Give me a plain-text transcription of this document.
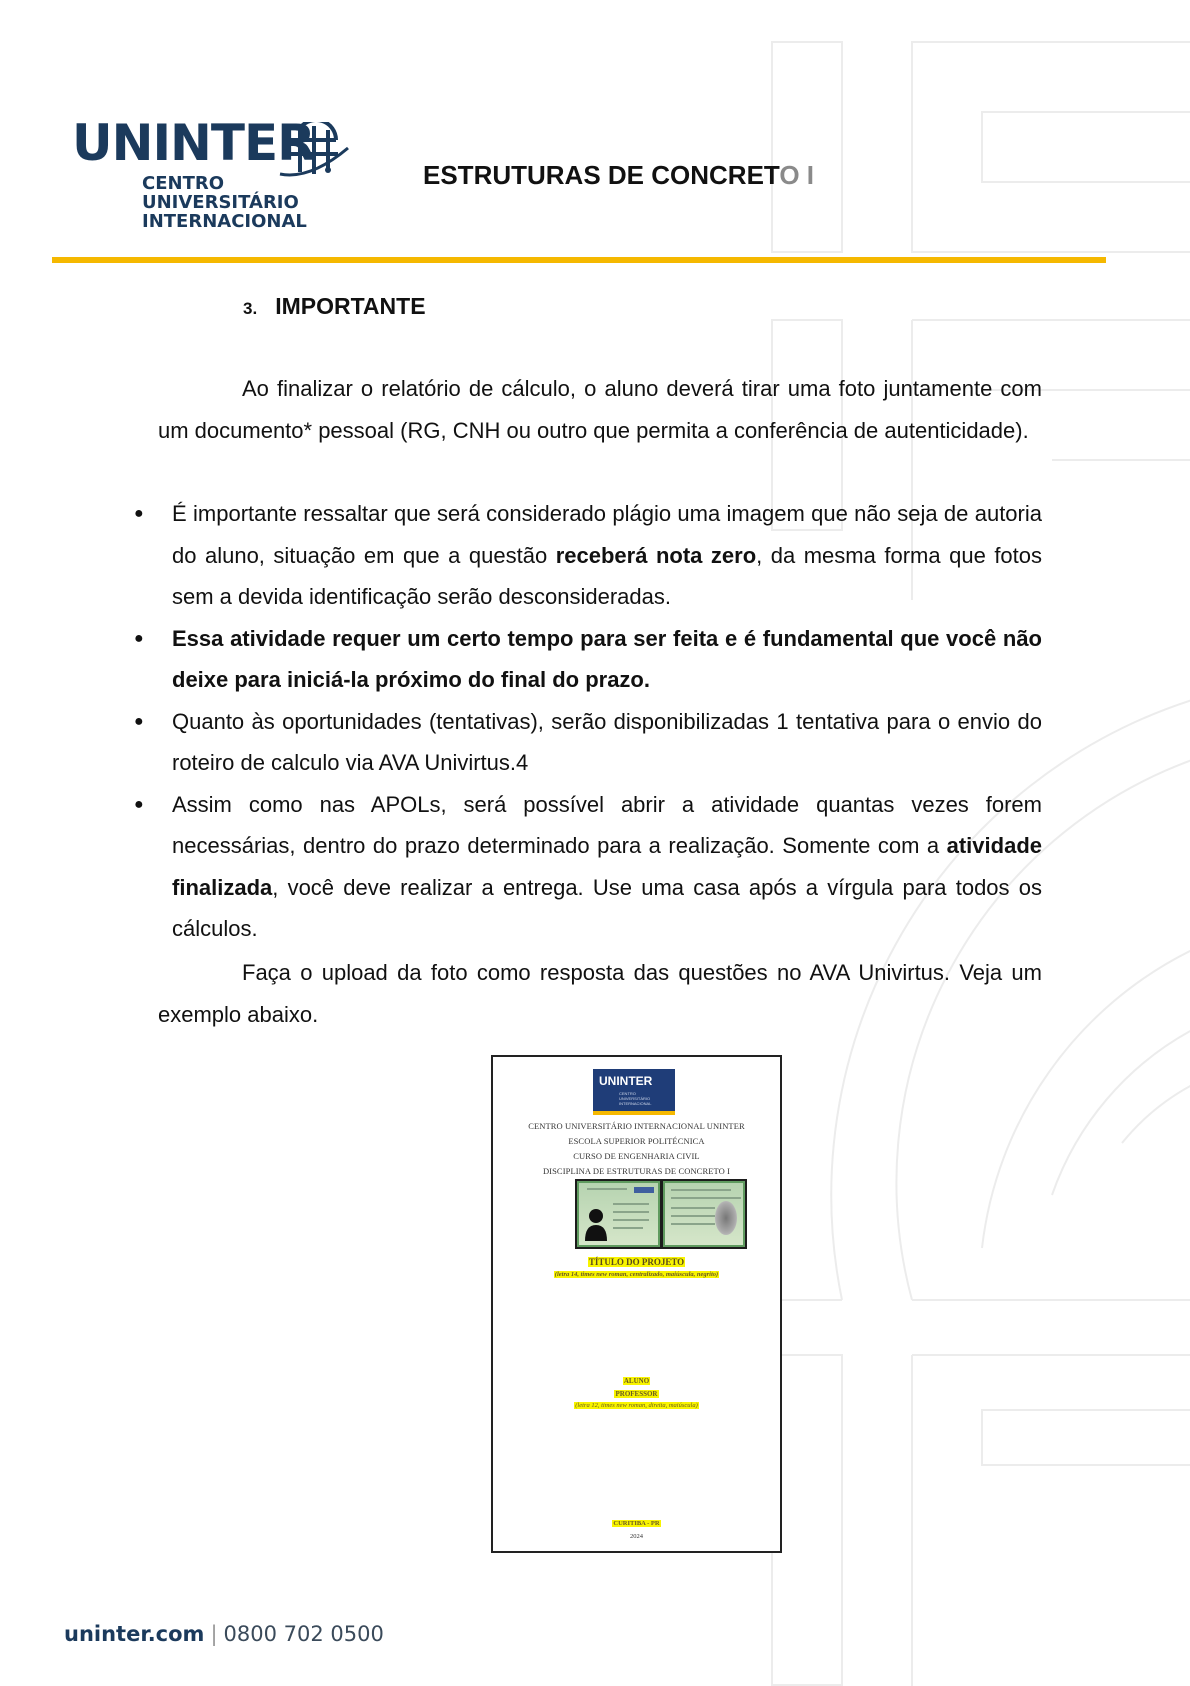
UNINTER
CENTRO
UNIVERSITÁRIO
INTERNACIONAL
ESTRUTURAS DE CONCRETO I
3. IMPORTANTE
Ao finalizar o relatório de cálculo, o aluno deverá tirar uma foto juntamente com um documento* pessoal (RG, CNH ou outro que permita a conferência de autenticidade).
● É importante ressaltar que será considerado plágio uma imagem que não seja de autoria do aluno, situação em que a questão receberá nota zero, da mesma forma que fotos sem a devida identificação serão desconsideradas.
● Essa atividade requer um certo tempo para ser feita e é fundamental que você não deixe para iniciá-la próximo do final do prazo.
● Quanto às oportunidades (tentativas), serão disponibilizadas 1 tentativa para o envio do roteiro de calculo via AVA Univirtus.4
● Assim como nas APOLs, será possível abrir a atividade quantas vezes forem necessárias, dentro do prazo determinado para a realização. Somente com a atividade finalizada, você deve realizar a entrega. Use uma casa após a vírgula para todos os cálculos.
Faça o upload da foto como resposta das questões no AVA Univirtus. Veja um exemplo abaixo.
UNINTER
CENTRO
UNIVERSITÁRIO
INTERNACIONAL
CENTRO UNIVERSITÁRIO INTERNACIONAL UNINTER
ESCOLA SUPERIOR POLITÉCNICA
CURSO DE ENGENHARIA CIVIL
DISCIPLINA DE ESTRUTURAS DE CONCRETO I
TÍTULO DO PROJETO
(letra 14, times new roman, centralizado, maiúscula, negrito)
ALUNO
PROFESSOR
(letra 12, times new roman, direita, maiúscula)
CURITIBA - PR
2024
uninter.com | 0800 702 0500
